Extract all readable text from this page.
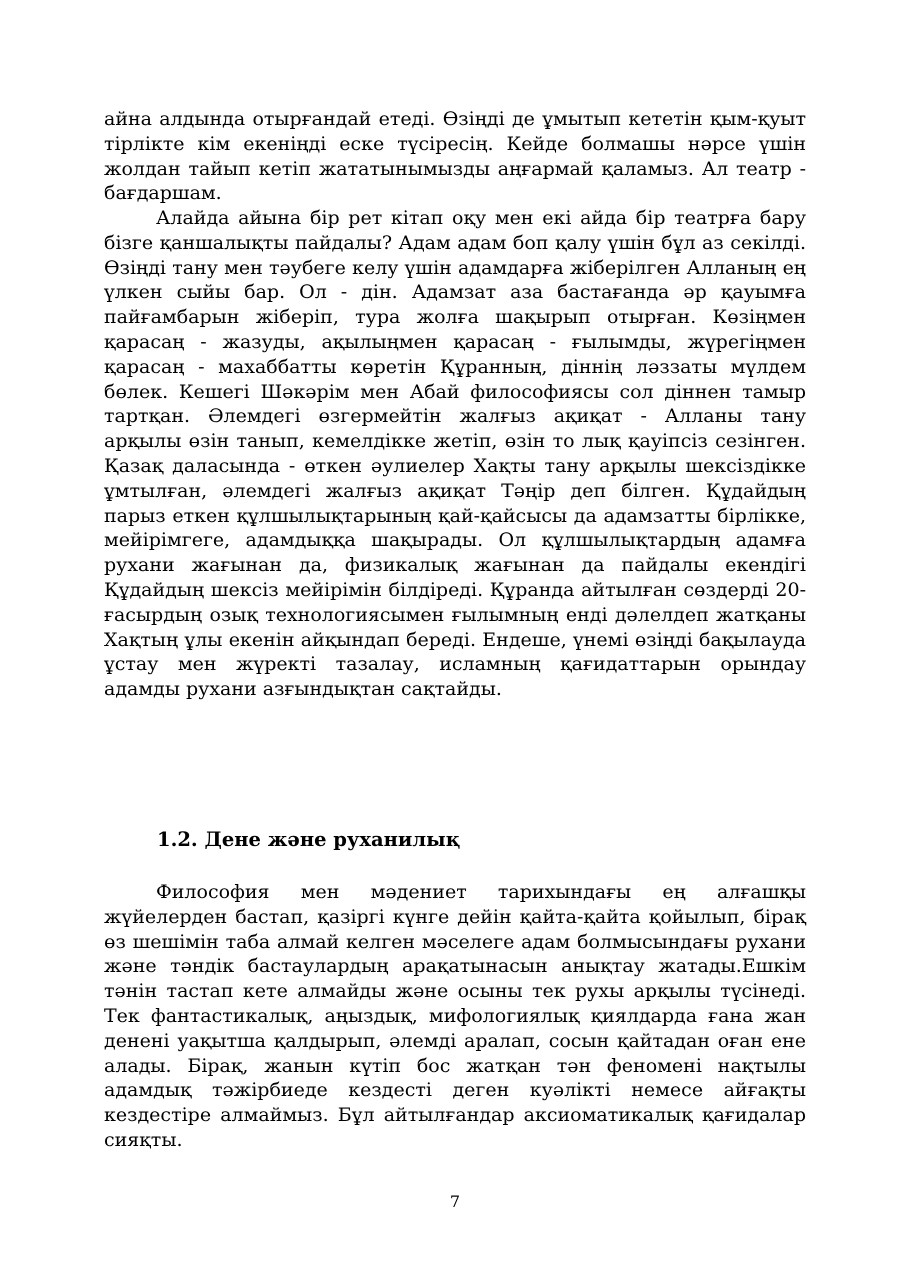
айна алдында отырғандай етеді. Өзіңді де ұмытып кететін қым-қуыт тірлікте кім екеніңді еске түсіресің. Кейде болмашы нәрсе үшін жолдан тайып кетіп жататынымызды аңғармай қаламыз. Ал театр - бағдаршам.

Алайда айына бір рет кітап оқу мен екі айда бір театрға бару бізге қаншалықты пайдалы? Адам адам боп қалу үшін бұл аз секілді. Өзіңді тану мен тәубеге келу үшін адамдарға жіберілген Алланың ең үлкен сыйы бар. Ол - дін. Адамзат аза бастағанда әр қауымға пайғамбарын жіберіп, тура жолға шақырып отырған. Көзіңмен қарасаң - жазуды, ақылыңмен қарасаң - ғылымды, жүрегіңмен қарасаң - махаббатты көретін Құранның, діннің ләззаты мүлдем бөлек. Кешегі Шәкәрім мен Абай философиясы сол діннен тамыр тартқан. Әлемдегі өзгермейтін жалғыз ақиқат - Алланы тану арқылы өзін танып, кемелдікке жетіп, өзін то лық қауіпсіз сезінген. Қазақ даласында - өткен әулиелер Хақты тану арқылы шексіздікке ұмтылған, әлемдегі жалғыз ақиқат Тәңір деп білген. Құдайдың парыз еткен құлшылықтарының қай-қайсысы да адамзатты бірлікке, мейірімгеге, адамдыққа шақырады. Ол құлшылықтардың адамға рухани жағынан да, физикалық жағынан да пайдалы екендігі Құдайдың шексіз мейірімін білдіреді. Құранда айтылған сөздерді 20-ғасырдың озық технологиясымен ғылымның енді дәлелдеп жатқаны Хақтың ұлы екенін айқындап береді. Ендеше, үнемі өзіңді бақылауда ұстау мен жүректі тазалау, исламның қағидаттарын орындау адамды рухани азғындықтан сақтайды.

1.2. Дене және руханилық

Философия мен мәдениет тарихындағы ең алғашқы жүйелерден бастап, қазіргі күнге дейін қайта-қайта қойылып, бірақ өз шешімін таба алмай келген мәселеге адам болмысындағы рухани және тәндік бастаулардың арақатынасын анықтау жатады.Ешкім тәнін тастап кете алмайды және осыны тек рухы арқылы түсінеді. Тек фантастикалық, аңыздық, мифологиялық қиялдарда ғана жан денені уақытша қалдырып, әлемді аралап, сосын қайтадан оған ене алады. Бірақ, жанын күтіп бос жатқан тән феномені нақтылы адамдық тәжірбиеде кездесті деген куәлікті немесе айғақты кездестіре алмаймыз. Бұл айтылғандар аксиоматикалық қағидалар сияқты.

7
